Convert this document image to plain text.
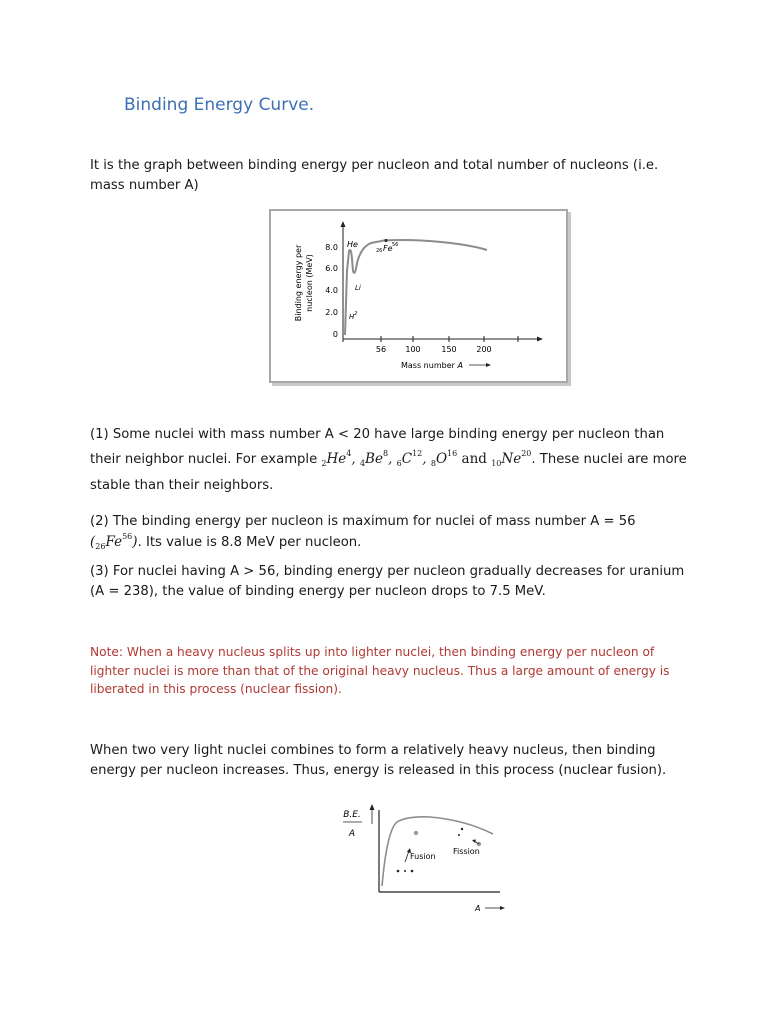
Binding Energy Curve.
It is the graph between binding energy per nucleon and total number of nucleons (i.e. mass number A)
Binding energy per nucleon (MeV)
8.0
6.0
4.0
2.0
0
56 100	150 200
Mass number A
He
Li
$H^2$
26 Fe 56
(1) Some nuclei with mass number A < 20 have large binding energy per nucleon than their neighbor nuclei. For example $_2He^4$, $_4Be^8$, $_6C^{12}$, $_8O^{16}$ and $_{10}Ne^{20}$. These nuclei are more stable than their neighbors.
(2) The binding energy per nucleon is maximum for nuclei of mass number A = 56 $(_{26}Fe^{56})$. Its value is 8.8 MeV per nucleon.
(3) For nuclei having A > 56, binding energy per nucleon gradually decreases for uranium (A = 238), the value of binding energy per nucleon drops to 7.5 MeV.
Note: When a heavy nucleus splits up into lighter nuclei, then binding energy per nucleon of lighter nuclei is more than that of the original heavy nucleus. Thus a large amount of energy is liberated in this process (nuclear fission).
When two very light nuclei combines to form a relatively heavy nucleus, then binding energy per nucleon increases. Thus, energy is released in this process (nuclear fusion).
B.E.
A
Fusion
Fission
A
